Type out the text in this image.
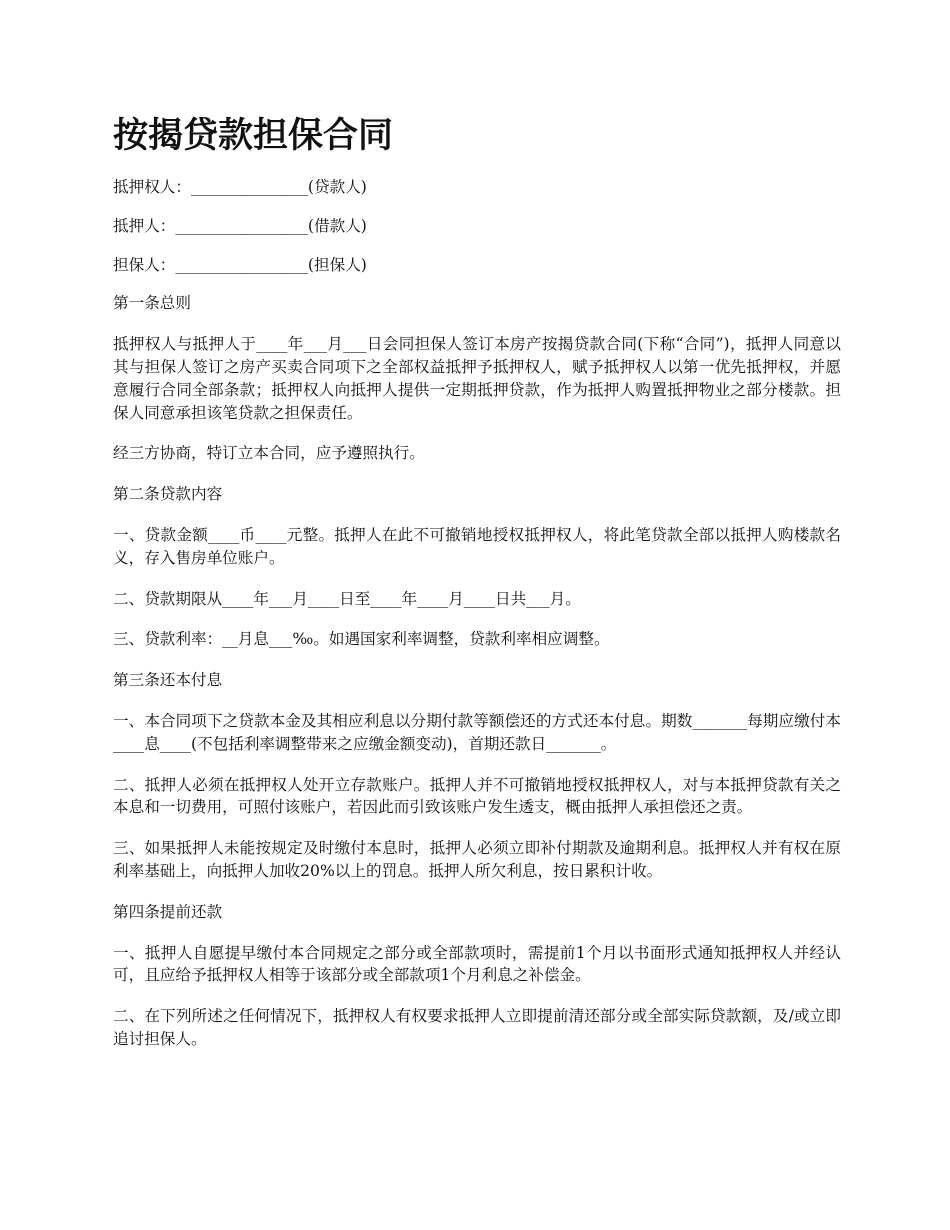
按揭贷款担保合同

抵押权人：_______________(贷款人)

抵押人：_________________(借款人)

担保人：_________________(担保人)

第一条总则

抵押权人与抵押人于____年___月___日会同担保人签订本房产按揭贷款合同(下称“合同”)，抵押人同意以其与担保人签订之房产买卖合同项下之全部权益抵押予抵押权人，赋予抵押权人以第一优先抵押权，并愿意履行合同全部条款；抵押权人向抵押人提供一定期抵押贷款，作为抵押人购置抵押物业之部分楼款。担保人同意承担该笔贷款之担保责任。

经三方协商，特订立本合同，应予遵照执行。

第二条贷款内容

一、贷款金额____币____元整。抵押人在此不可撤销地授权抵押权人，将此笔贷款全部以抵押人购楼款名义，存入售房单位账户。

二、贷款期限从____年___月____日至____年____月____日共___月。

三、贷款利率：__月息___‰。如遇国家利率调整，贷款利率相应调整。

第三条还本付息

一、本合同项下之贷款本金及其相应利息以分期付款等额偿还的方式还本付息。期数_______每期应缴付本____息____(不包括利率调整带来之应缴金额变动)，首期还款日_______。

二、抵押人必须在抵押权人处开立存款账户。抵押人并不可撤销地授权抵押权人，对与本抵押贷款有关之本息和一切费用，可照付该账户，若因此而引致该账户发生透支，概由抵押人承担偿还之责。

三、如果抵押人未能按规定及时缴付本息时，抵押人必须立即补付期款及逾期利息。抵押权人并有权在原利率基础上，向抵押人加收20%以上的罚息。抵押人所欠利息，按日累积计收。

第四条提前还款

一、抵押人自愿提早缴付本合同规定之部分或全部款项时，需提前1个月以书面形式通知抵押权人并经认可，且应给予抵押权人相等于该部分或全部款项1个月利息之补偿金。

二、在下列所述之任何情况下，抵押权人有权要求抵押人立即提前清还部分或全部实际贷款额，及/或立即追讨担保人。
